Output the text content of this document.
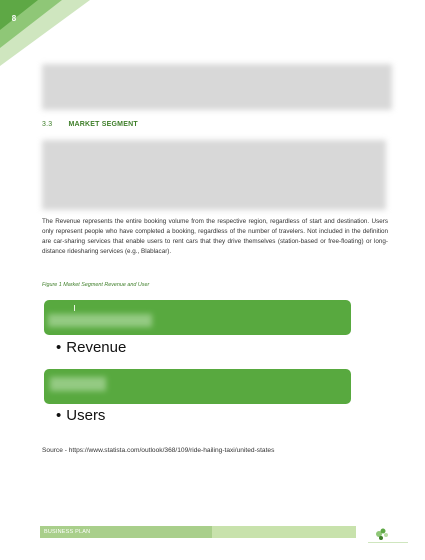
8
3.3 MARKET SEGMENT
The Revenue represents the entire booking volume from the respective region, regardless of start and destination. Users only represent people who have completed a booking, regardless of the number of travelers. Not included in the definition are car-sharing services that enable users to rent cars that they drive themselves (station-based or free-floating) or long-distance ridesharing services (e.g., Blablacar).
Figure 1 Market Segment Revenue and User
• Revenue
• Users
Source - https://www.statista.com/outlook/368/109/ride-hailing-taxi/united-states
BUSINESS PLAN
